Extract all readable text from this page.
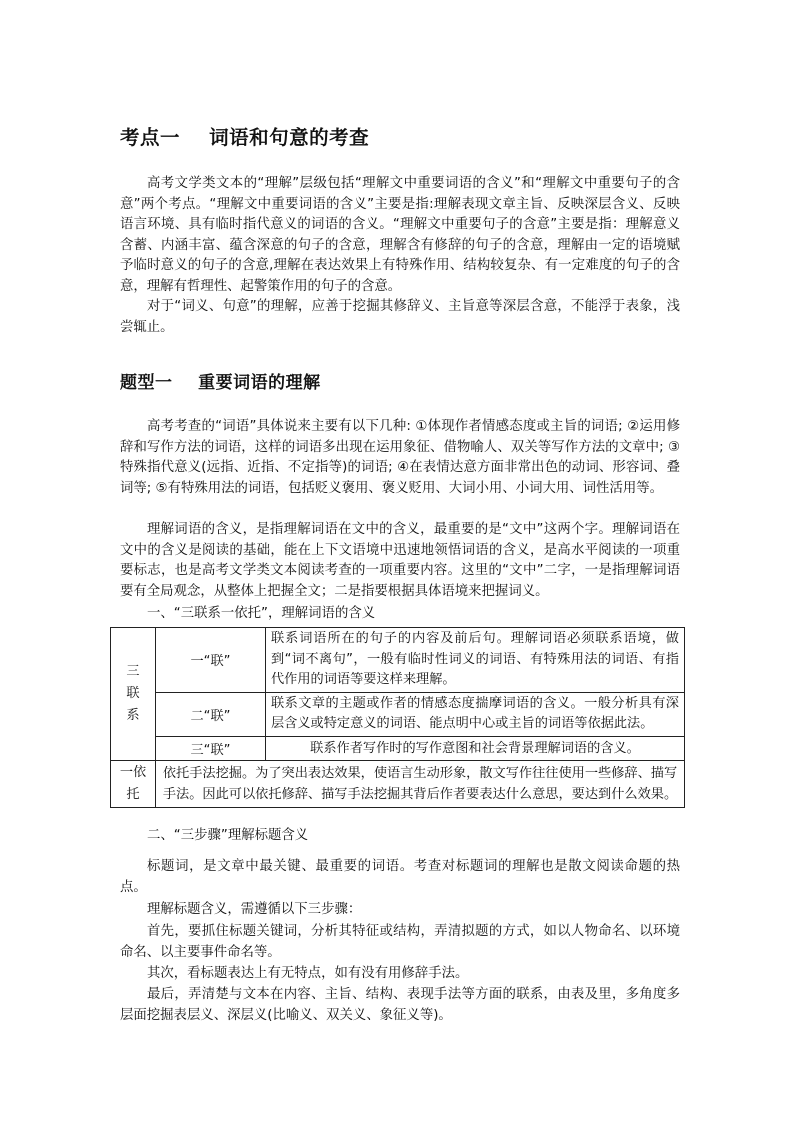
考点一    词语和句意的考查

高考文学类文本的“理解”层级包括“理解文中重要词语的含义”和“理解文中重要句子的含意”两个考点。“理解文中重要词语的含义”主要是指:理解表现文章主旨、反映深层含义、反映语言环境、具有临时指代意义的词语的含义。“理解文中重要句子的含意”主要是指：理解意义含蓄、内涵丰富、蕴含深意的句子的含意，理解含有修辞的句子的含意，理解由一定的语境赋予临时意义的句子的含意,理解在表达效果上有特殊作用、结构较复杂、有一定难度的句子的含意，理解有哲理性、起警策作用的句子的含意。

对于“词义、句意”的理解，应善于挖掘其修辞义、主旨意等深层含意，不能浮于表象，浅尝辄止。

题型一    重要词语的理解

高考考查的“词语”具体说来主要有以下几种: ①体现作者情感态度或主旨的词语; ②运用修辞和写作方法的词语，这样的词语多出现在运用象征、借物喻人、双关等写作方法的文章中; ③特殊指代意义(远指、近指、不定指等)的词语; ④在表情达意方面非常出色的动词、形容词、叠词等; ⑤有特殊用法的词语，包括贬义褒用、褒义贬用、大词小用、小词大用、词性活用等。

理解词语的含义，是指理解词语在文中的含义，最重要的是“文中”这两个字。理解词语在文中的含义是阅读的基础，能在上下文语境中迅速地领悟词语的含义，是高水平阅读的一项重要标志，也是高考文学类文本阅读考查的一项重要内容。这里的“文中”二字，一是指理解词语要有全局观念，从整体上把握全文；二是指要根据具体语境来把握词义。

一、“三联系一依托”，理解词语的含义

三
联
系	一“联”	联系词语所在的句子的内容及前后句。理解词语必须联系语境，做到“词不离句”，一般有临时性词义的词语、有特殊用法的词语、有指代作用的词语等要这样来理解。
	二“联”	联系文章的主题或作者的情感态度揣摩词语的含义。一般分析具有深层含义或特定意义的词语、能点明中心或主旨的词语等依据此法。
	三“联”	联系作者写作时的写作意图和社会背景理解词语的含义。

一依
托	依托手法挖掘。为了突出表达效果，使语言生动形象，散文写作往往使用一些修辞、描写手法。因此可以依托修辞、描写手法挖掘其背后作者要表达什么意思，要达到什么效果。	

二、“三步骤”理解标题含义

标题词，是文章中最关键、最重要的词语。考查对标题词的理解也是散文阅读命题的热点。

理解标题含义，需遵循以下三步骤：

首先，要抓住标题关键词，分析其特征或结构，弄清拟题的方式，如以人物命名、以环境命名、以主要事件命名等。

其次，看标题表达上有无特点，如有没有用修辞手法。

最后，弄清楚与文本在内容、主旨、结构、表现手法等方面的联系，由表及里，多角度多层面挖掘表层义、深层义(比喻义、双关义、象征义等)。
